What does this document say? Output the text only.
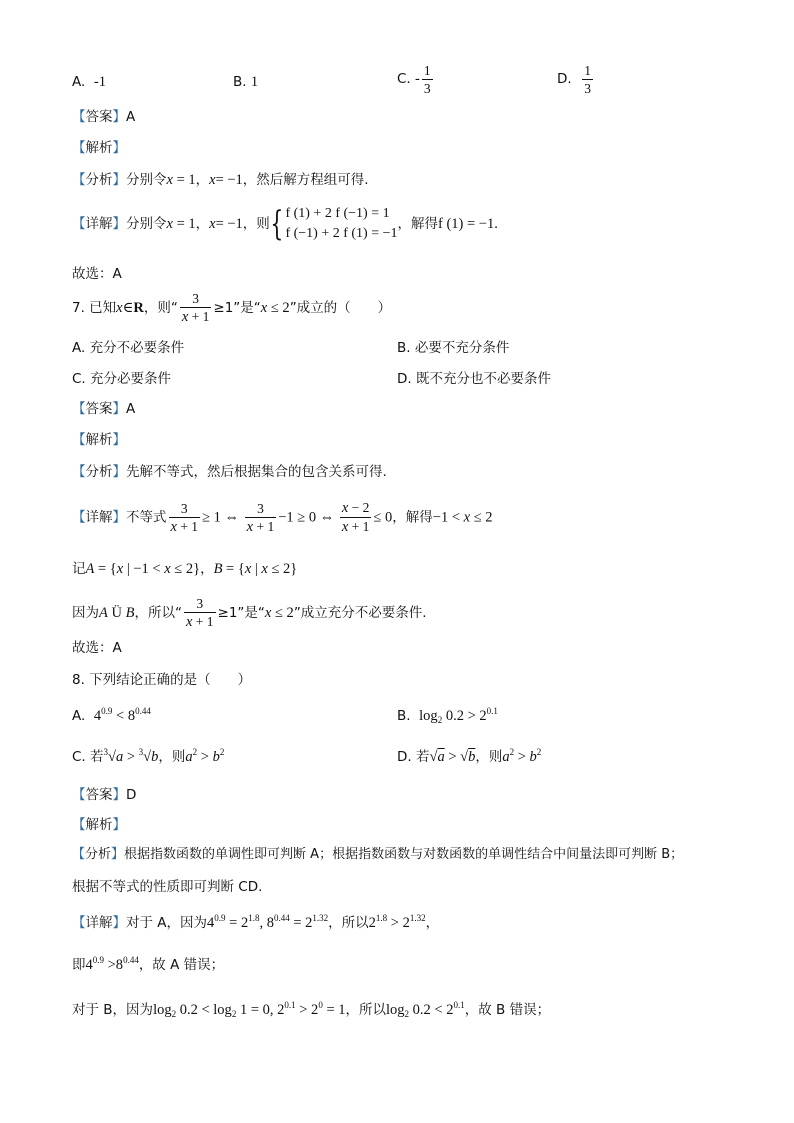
A. -1	B. 1	C. - $\frac{1}{3}$	D. $\frac{1}{3}$
【答案】A
【解析】
【分析】分别令x = 1，x= −1，然后解方程组可得.
【详解】分别令x = 1，x= −1，则{ f (1) + 2 f (−1) = 1
f (−1) + 2 f (1) = −1
，解得f (1) = −1.
故选：A
7. 已知x∈R，则“ $\frac{3}{x + 1} \ge 1$”是“x ≤ 2”成立的（　　）
A. 充分不必要条件	B. 必要不充分条件
C. 充分必要条件	D. 既不充分也不必要条件
【答案】A
【解析】
【分析】先解不等式，然后根据集合的包含关系可得.
【详解】不等式 $\frac{3}{x + 1} \ge 1$ ⇔ $\frac{3}{x + 1} -1 \ge 0$ ⇔ $\frac{x - 2}{x + 1} \le 0$，解得−1 < x ≤ 2
记A = {x | −1 < x ≤ 2}，B = {x | x ≤ 2}
因为A Ü B，所以“ $\frac{3}{x + 1} \ge 1$”是“x ≤ 2”成立充分不必要条件.
故选：A
8. 下列结论正确的是（　　）
A. $4^{0.9} < 8^{0.44}$	B. $\log_2 0.2 > 2^{0.1}$
C. 若$^3$√a > $^3$√b，则$a^2 > b^2$	D. 若√a > √b，则$a^2 > b^2$
【答案】D
【解析】
【分析】根据指数函数的单调性即可判断 A；根据指数函数与对数函数的单调性结合中间量法即可判断 B；
根据不等式的性质即可判断 CD.
【详解】对于 A，因为$4^{0.9} = 2^{1.8}$, $8^{0.44} = 2^{1.32}$，所以$2^{1.8} > 2^{1.32}$，
即$4^{0.9} >8^{0.44}$，故 A 错误；
对于 B，因为$\log_2 0.2 < \log_2 1 = 0$, $2^{0.1} > 2^0 = 1$，所以$\log_2 0.2 < 2^{0.1}$，故 B 错误；
